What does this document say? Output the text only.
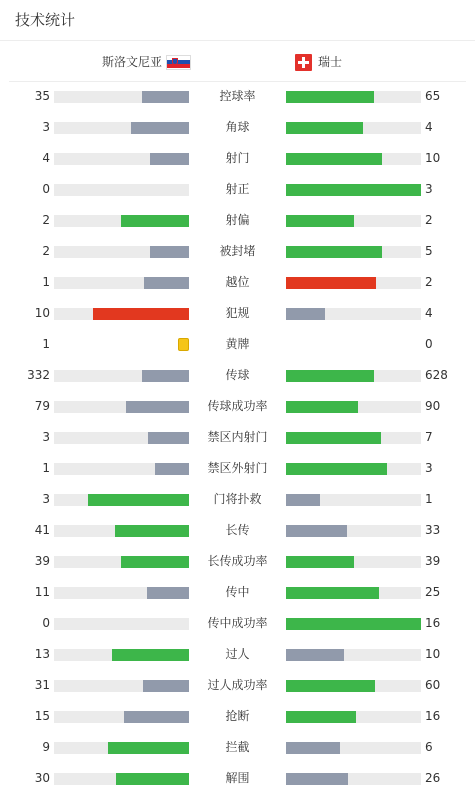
技术统计
斯洛文尼亚	瑞士
35	控球率	65
3	角球	4
4	射门	10
0	射正	3
2	射偏	2
2	被封堵	5
1	越位	2
10	犯规	4
1	黄牌	0
332	传球	628
79	传球成功率	90
3	禁区内射门	7
1	禁区外射门	3
3	门将扑救	1
41	长传	33
39	长传成功率	39
11	传中	25
0	传中成功率	16
13	过人	10
31	过人成功率	60
15	抢断	16
9	拦截	6
30	解围	26
